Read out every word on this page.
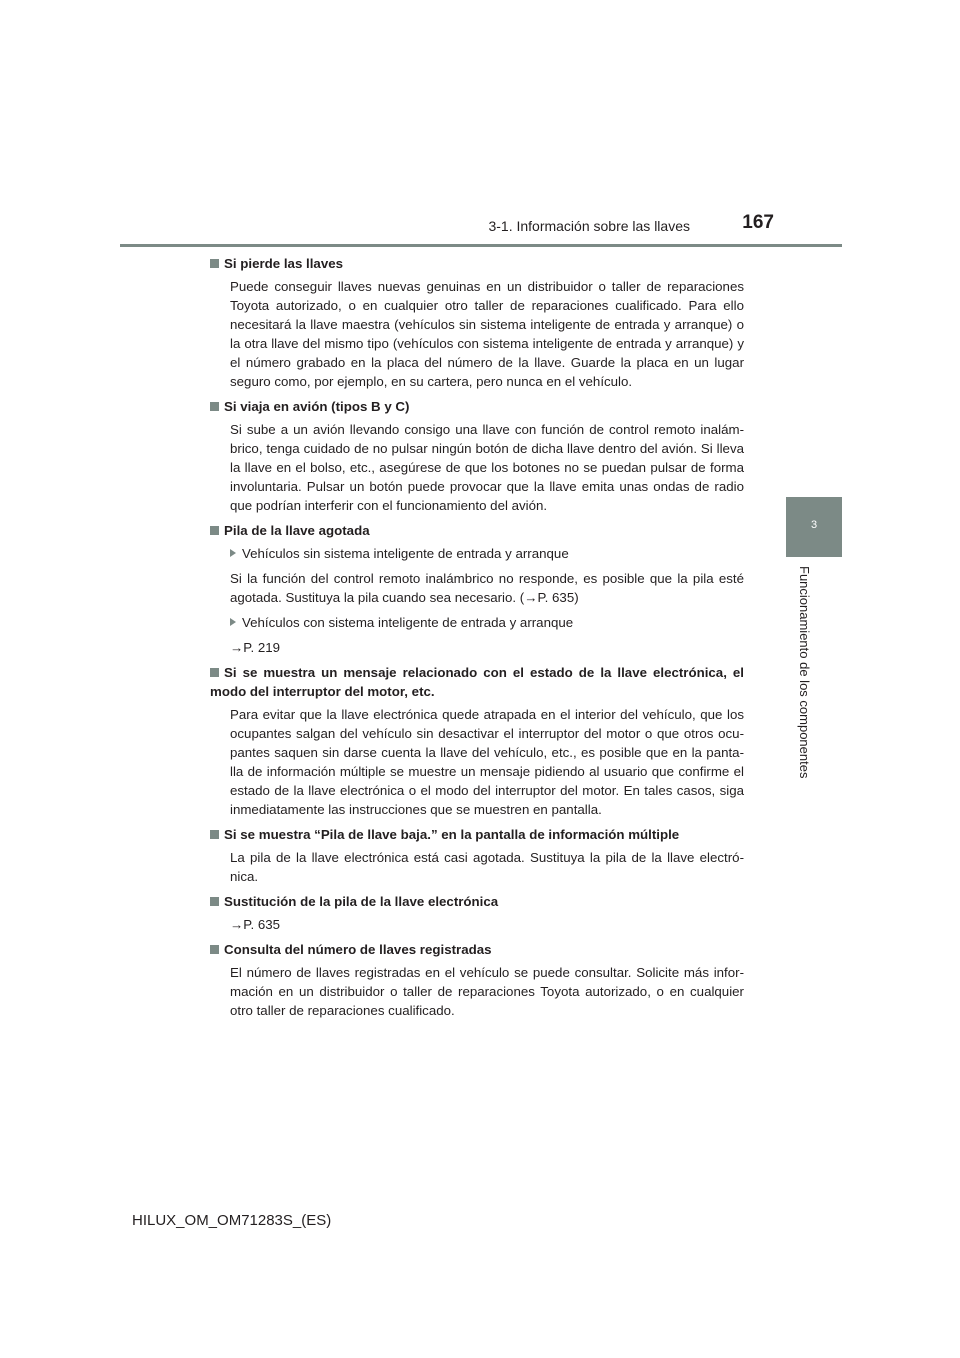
3-1. Información sobre las llaves	167
3
Funcionamiento de los componentes
Si pierde las llaves
Puede conseguir llaves nuevas genuinas en un distribuidor o taller de reparaciones Toyota autorizado, o en cualquier otro taller de reparaciones cualificado. Para ello necesitará la llave maestra (vehículos sin sistema inteligente de entrada y arranque) o la otra llave del mismo tipo (vehículos con sistema inteligente de entrada y arranque) y el número grabado en la placa del número de la llave. Guarde la placa en un lugar seguro como, por ejemplo, en su cartera, pero nunca en el vehículo.
Si viaja en avión (tipos B y C)
Si sube a un avión llevando consigo una llave con función de control remoto inalám-brico, tenga cuidado de no pulsar ningún botón de dicha llave dentro del avión. Si lleva la llave en el bolso, etc., asegúrese de que los botones no se puedan pulsar de forma involuntaria. Pulsar un botón puede provocar que la llave emita unas ondas de radio que podrían interferir con el funcionamiento del avión.
Pila de la llave agotada
Vehículos sin sistema inteligente de entrada y arranque
Si la función del control remoto inalámbrico no responde, es posible que la pila esté agotada. Sustituya la pila cuando sea necesario. (→P. 635)
Vehículos con sistema inteligente de entrada y arranque
→P. 219
Si se muestra un mensaje relacionado con el estado de la llave electrónica, el modo del interruptor del motor, etc.
Para evitar que la llave electrónica quede atrapada en el interior del vehículo, que los ocupantes salgan del vehículo sin desactivar el interruptor del motor o que otros ocu-pantes saquen sin darse cuenta la llave del vehículo, etc., es posible que en la panta-lla de información múltiple se muestre un mensaje pidiendo al usuario que confirme el estado de la llave electrónica o el modo del interruptor del motor. En tales casos, siga inmediatamente las instrucciones que se muestren en pantalla.
Si se muestra “Pila de llave baja.” en la pantalla de información múltiple
La pila de la llave electrónica está casi agotada. Sustituya la pila de la llave electró-nica.
Sustitución de la pila de la llave electrónica
→P. 635
Consulta del número de llaves registradas
El número de llaves registradas en el vehículo se puede consultar. Solicite más infor-mación en un distribuidor o taller de reparaciones Toyota autorizado, o en cualquier otro taller de reparaciones cualificado.
HILUX_OM_OM71283S_(ES)
